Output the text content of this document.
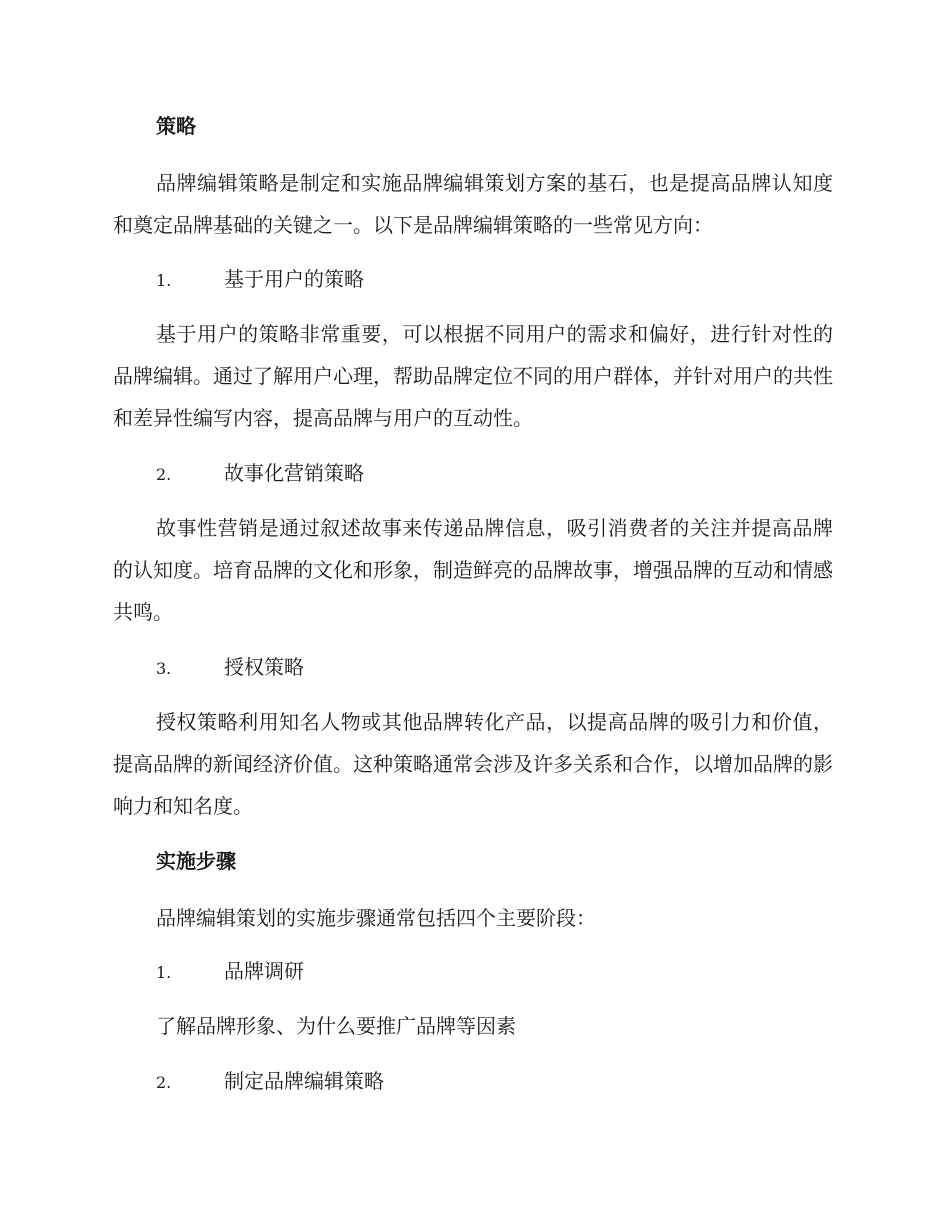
策略

品牌编辑策略是制定和实施品牌编辑策划方案的基石，也是提高品牌认知度和奠定品牌基础的关键之一。以下是品牌编辑策略的一些常见方向：

1.	基于用户的策略

基于用户的策略非常重要，可以根据不同用户的需求和偏好，进行针对性的品牌编辑。通过了解用户心理，帮助品牌定位不同的用户群体，并针对用户的共性和差异性编写内容，提高品牌与用户的互动性。

2.	故事化营销策略

故事性营销是通过叙述故事来传递品牌信息，吸引消费者的关注并提高品牌的认知度。培育品牌的文化和形象，制造鲜亮的品牌故事，增强品牌的互动和情感共鸣。

3.	授权策略

授权策略利用知名人物或其他品牌转化产品，以提高品牌的吸引力和价值，提高品牌的新闻经济价值。这种策略通常会涉及许多关系和合作，以增加品牌的影响力和知名度。

实施步骤

品牌编辑策划的实施步骤通常包括四个主要阶段：

1.	品牌调研

了解品牌形象、为什么要推广品牌等因素

2.	制定品牌编辑策略
